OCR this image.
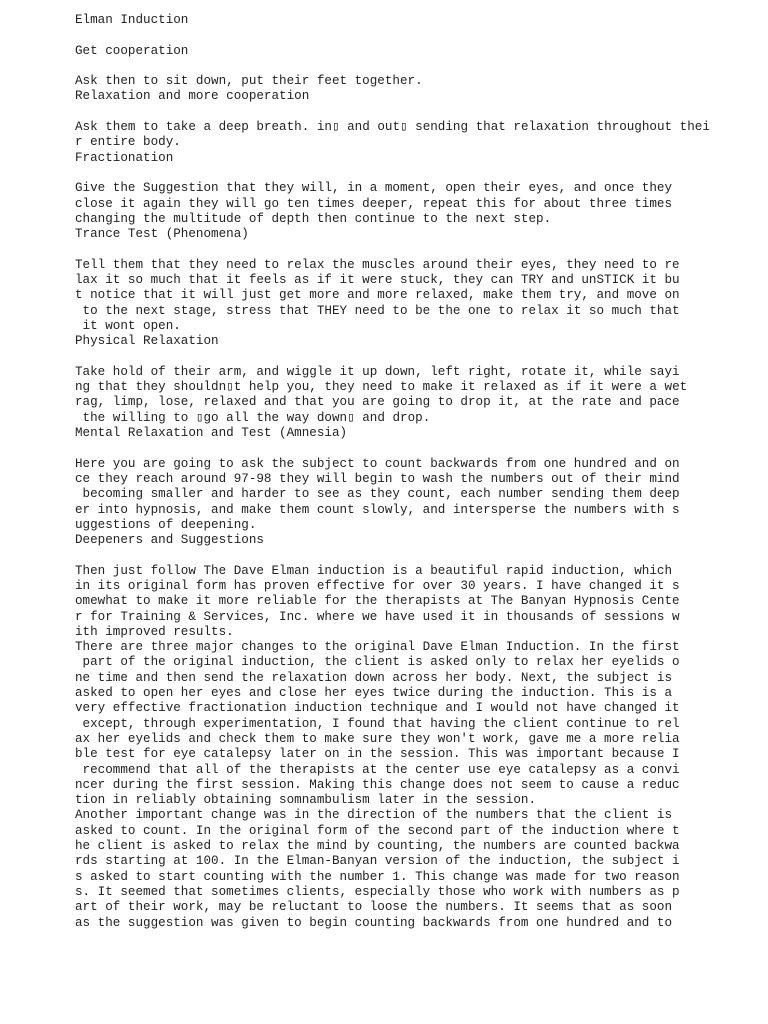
Elman Induction
Get cooperation
Ask then to sit down, put their feet together.
Relaxation and more cooperation
Ask them to take a deep breath. in▯ and out▯ sending that relaxation throughout thei
r entire body.
Fractionation
Give the Suggestion that they will, in a moment, open their eyes, and once they
close it again they will go ten times deeper, repeat this for about three times
changing the multitude of depth then continue to the next step.
Trance Test (Phenomena)
Tell them that they need to relax the muscles around their eyes, they need to re
lax it so much that it feels as if it were stuck, they can TRY and unSTICK it bu
t notice that it will just get more and more relaxed, make them try, and move on
to the next stage, stress that THEY need to be the one to relax it so much that
it wont open.
Physical Relaxation
Take hold of their arm, and wiggle it up down, left right, rotate it, while sayi
ng that they shouldn▯t help you, they need to make it relaxed as if it were a wet
rag, limp, lose, relaxed and that you are going to drop it, at the rate and pace
the willing to ▯go all the way down▯ and drop.
Mental Relaxation and Test (Amnesia)
Here you are going to ask the subject to count backwards from one hundred and on
ce they reach around 97-98 they will begin to wash the numbers out of their mind
becoming smaller and harder to see as they count, each number sending them deep
er into hypnosis, and make them count slowly, and intersperse the numbers with s
uggestions of deepening.
Deepeners and Suggestions
Then just follow The Dave Elman induction is a beautiful rapid induction, which
in its original form has proven effective for over 30 years. I have changed it s
omewhat to make it more reliable for the therapists at The Banyan Hypnosis Cente
r for Training & Services, Inc. where we have used it in thousands of sessions w
ith improved results.
There are three major changes to the original Dave Elman Induction. In the first
part of the original induction, the client is asked only to relax her eyelids o
ne time and then send the relaxation down across her body. Next, the subject is
asked to open her eyes and close her eyes twice during the induction. This is a
very effective fractionation induction technique and I would not have changed it
except, through experimentation, I found that having the client continue to rel
ax her eyelids and check them to make sure they won't work, gave me a more relia
ble test for eye catalepsy later on in the session. This was important because I
recommend that all of the therapists at the center use eye catalepsy as a convi
ncer during the first session. Making this change does not seem to cause a reduc
tion in reliably obtaining somnambulism later in the session.
Another important change was in the direction of the numbers that the client is
asked to count. In the original form of the second part of the induction where t
he client is asked to relax the mind by counting, the numbers are counted backwa
rds starting at 100. In the Elman-Banyan version of the induction, the subject i
s asked to start counting with the number 1. This change was made for two reason
s. It seemed that sometimes clients, especially those who work with numbers as p
art of their work, may be reluctant to loose the numbers. It seems that as soon
as the suggestion was given to begin counting backwards from one hundred and to
